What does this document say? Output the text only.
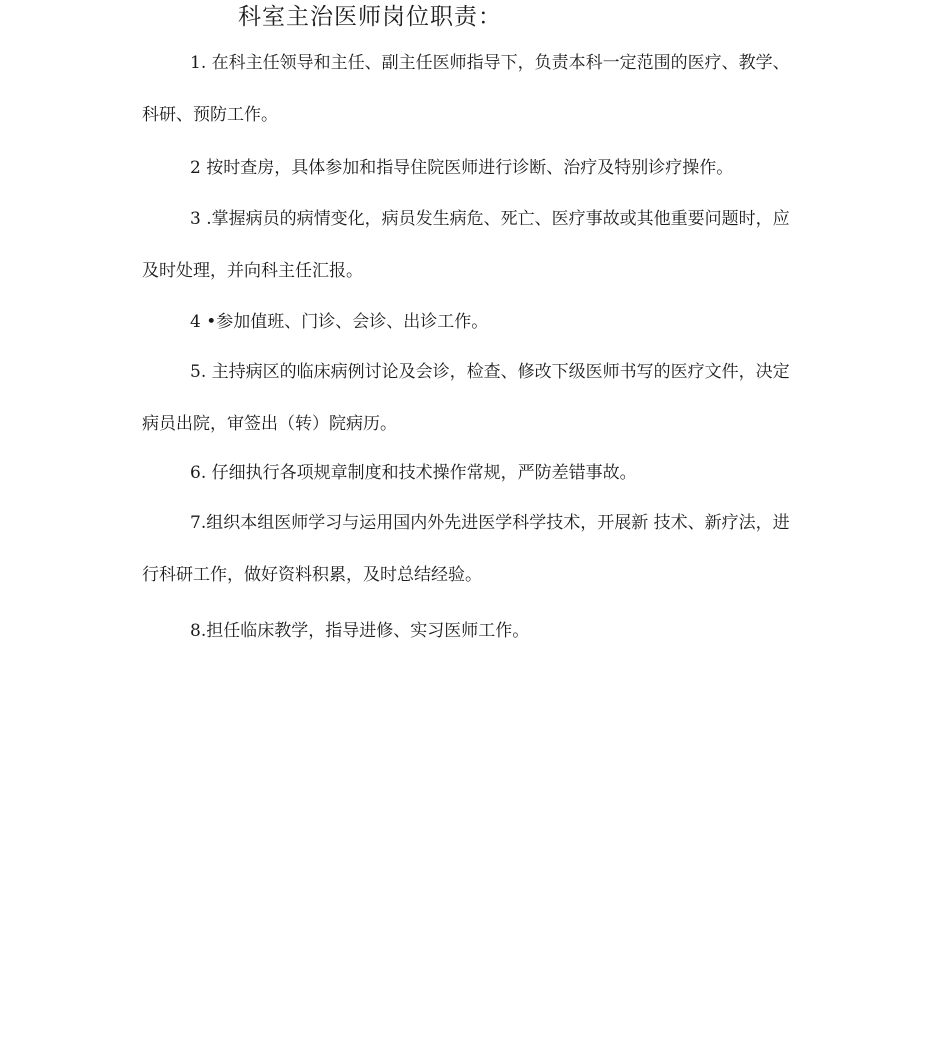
科室主治医师岗位职责：

1. 在科主任领导和主任、副主任医师指导下，负责本科一定范围的医疗、教学、科研、预防工作。

2 按时查房，具体参加和指导住院医师进行诊断、治疗及特别诊疗操作。

3 .掌握病员的病情变化，病员发生病危、死亡、医疗事故或其他重要问题时，应及时处理，并向科主任汇报。

4 •参加值班、门诊、会诊、出诊工作。

5. 主持病区的临床病例讨论及会诊，检查、修改下级医师书写的医疗文件，决定病员出院，审签出（转）院病历。

6. 仔细执行各项规章制度和技术操作常规，严防差错事故。

7.组织本组医师学习与运用国内外先进医学科学技术，开展新 技术、新疗法，进行科研工作，做好资料积累，及时总结经验。

8.担任临床教学，指导进修、实习医师工作。
